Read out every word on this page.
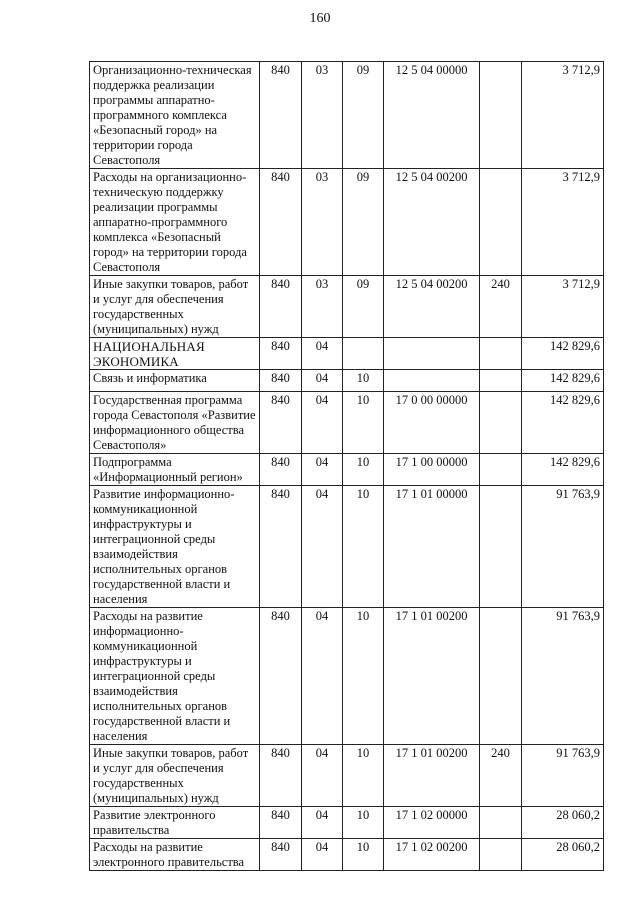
160
Организационно-техническая поддержка реализации программы аппаратно-программного комплекса «Безопасный город» на территории города Севастополя	840	03	09	12 5 04 00000		3 712,9
Расходы на организационно-техническую поддержку реализации программы аппаратно-программного комплекса «Безопасный город» на территории города Севастополя	840	03	09	12 5 04 00200		3 712,9
Иные закупки товаров, работ и услуг для обеспечения государственных (муниципальных) нужд	840	03	09	12 5 04 00200	240	3 712,9
НАЦИОНАЛЬНАЯ ЭКОНОМИКА	840	04				142 829,6
Связь и информатика	840	04	10			142 829,6
Государственная программа города Севастополя «Развитие информационного общества Севастополя»	840	04	10	17 0 00 00000		142 829,6
Подпрограмма «Информационный регион»	840	04	10	17 1 00 00000		142 829,6
Развитие информационно-коммуникационной инфраструктуры и интеграционной среды взаимодействия исполнительных органов государственной власти и населения	840	04	10	17 1 01 00000		91 763,9
Расходы на развитие информационно-коммуникационной инфраструктуры и интеграционной среды взаимодействия исполнительных органов государственной власти и населения	840	04	10	17 1 01 00200		91 763,9
Иные закупки товаров, работ и услуг для обеспечения государственных (муниципальных) нужд	840	04	10	17 1 01 00200	240	91 763,9
Развитие электронного правительства	840	04	10	17 1 02 00000		28 060,2
Расходы на развитие электронного правительства	840	04	10	17 1 02 00200		28 060,2
